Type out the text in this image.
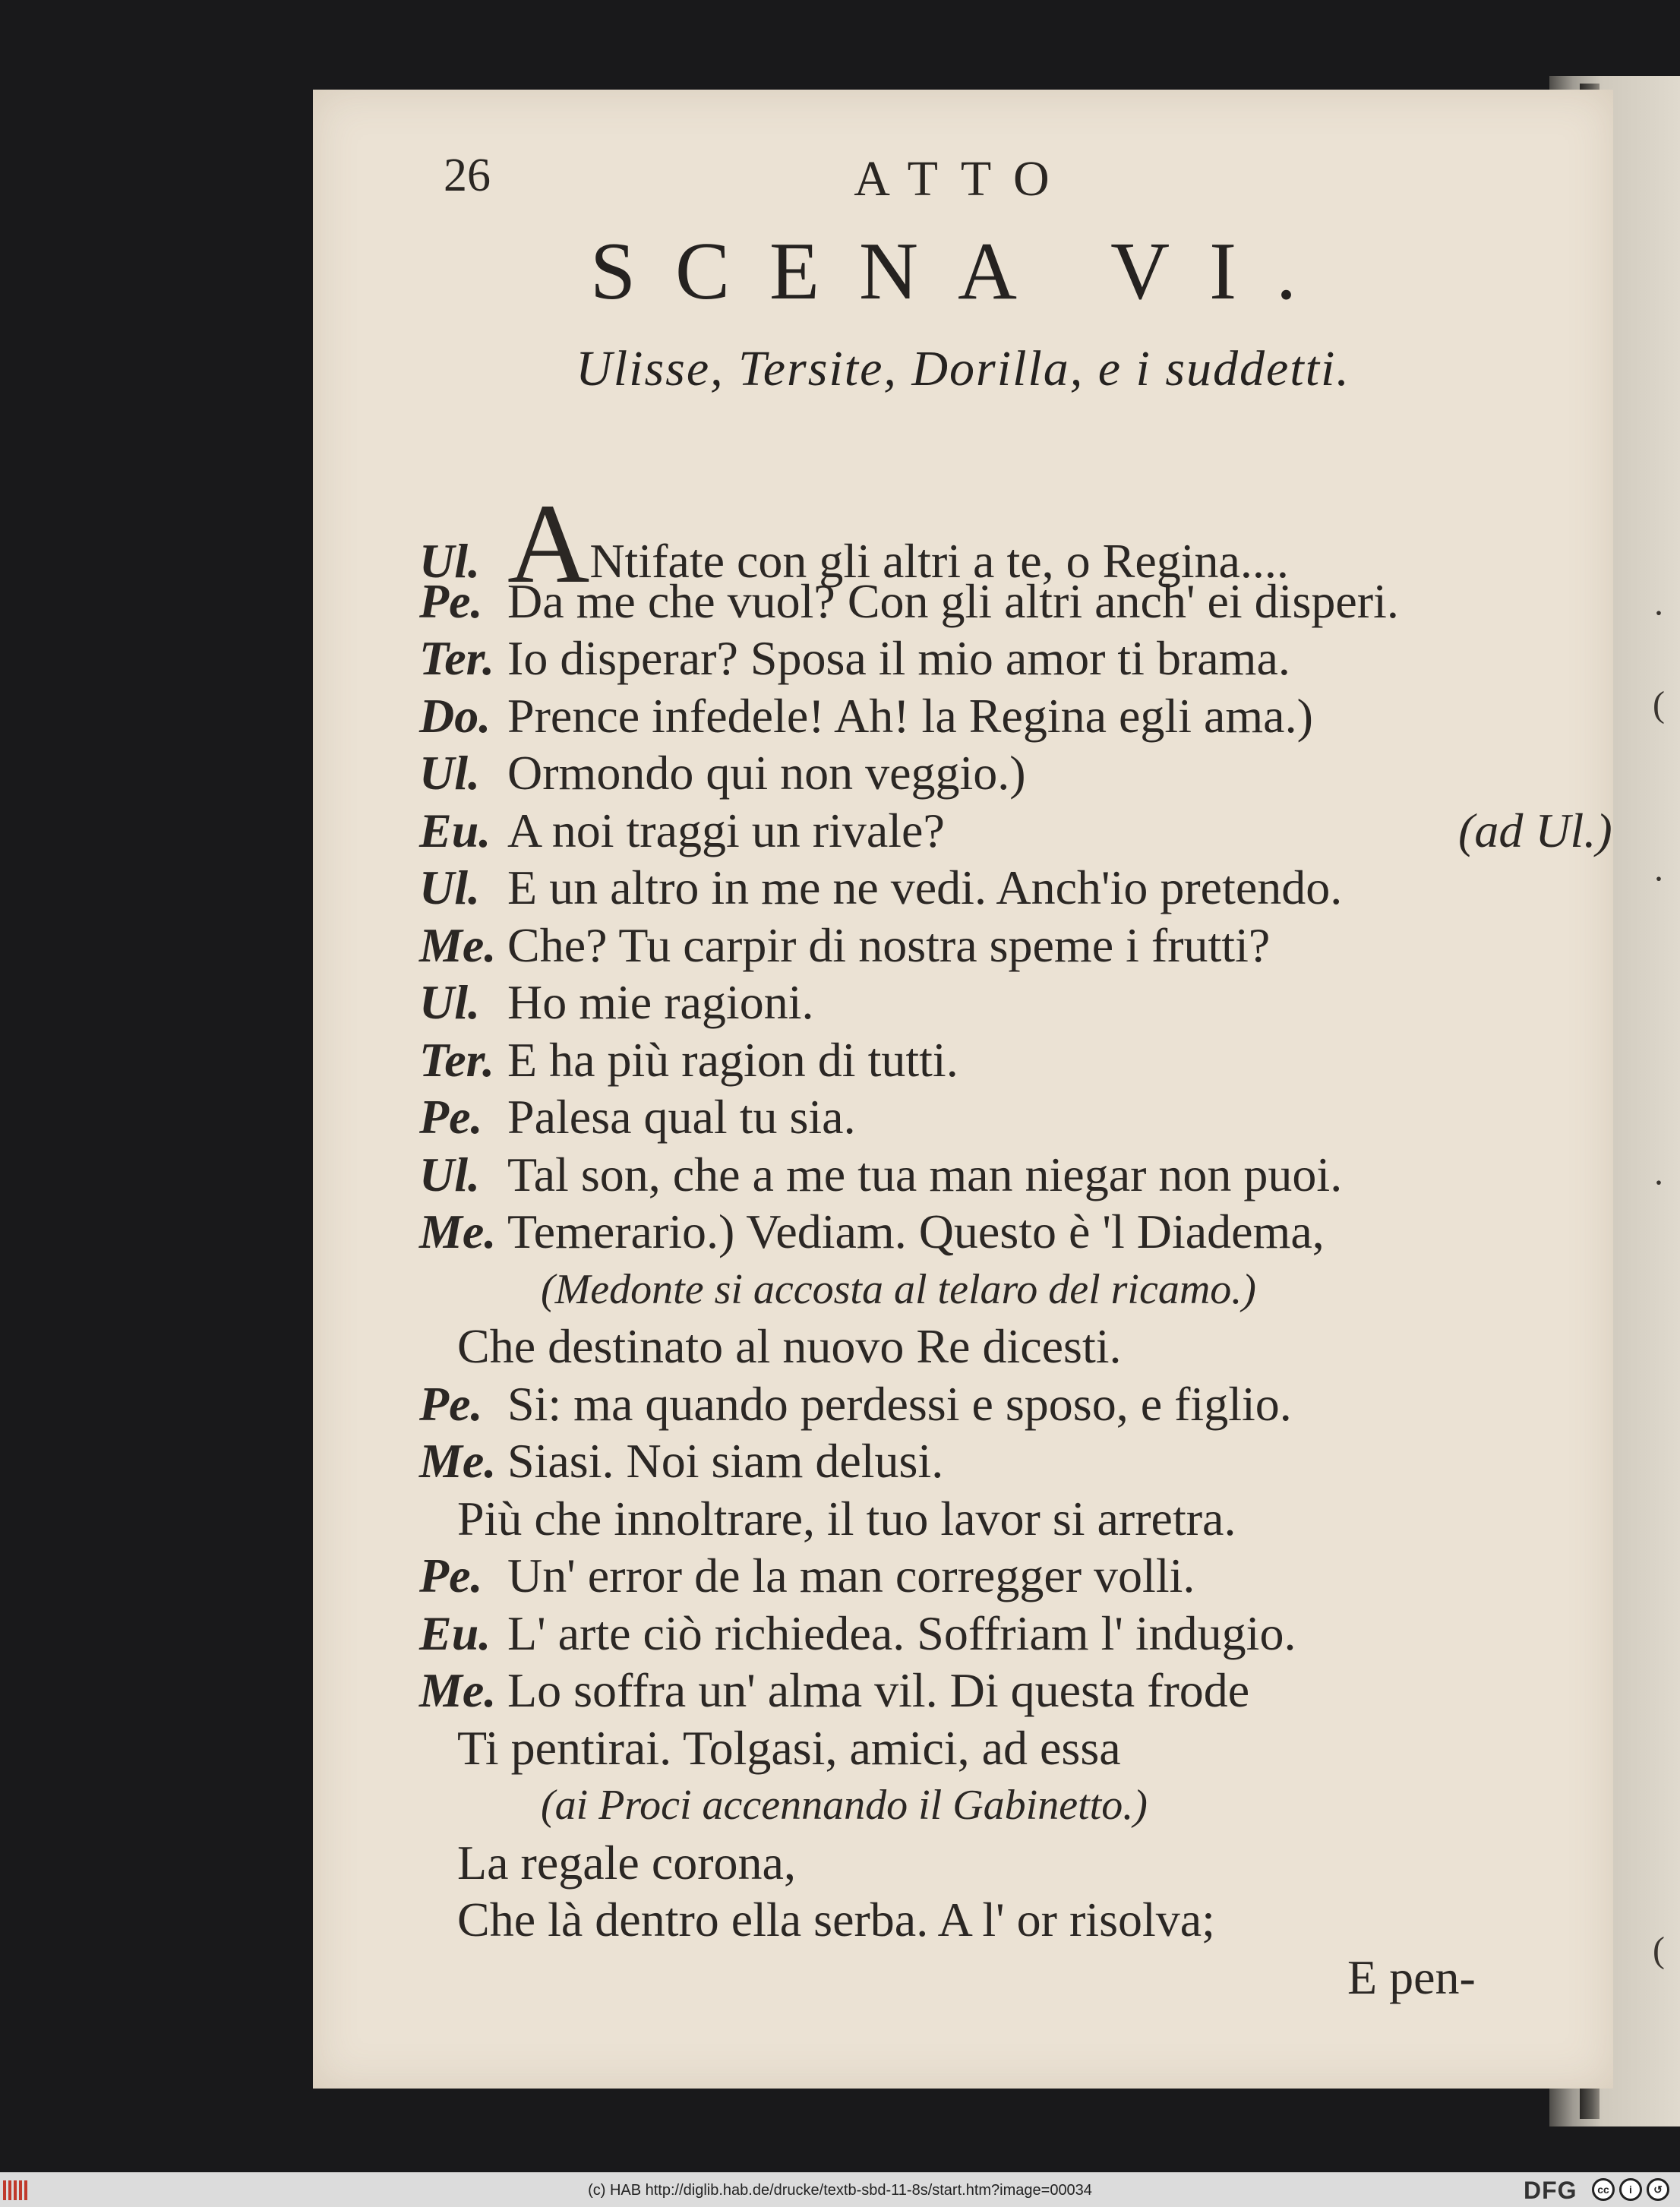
·
(
·
·
(
26	ATTO
SCENA VI.
Ulisse, Tersite, Dorilla, e i suddetti.
Ul. ANtifate con gli altri a te, o Regina....
Pe. Da me che vuol? Con gli altri anch' ei disperi.
Ter. Io disperar? Sposa il mio amor ti brama.
Do. Prence infedele! Ah! la Regina egli ama.)
Ul. Ormondo qui non veggio.)
Eu. A noi traggi un rivale?	(ad Ul.)
Ul. E un altro in me ne vedi. Anch'io pretendo.
Me. Che? Tu carpir di nostra speme i frutti?
Ul. Ho mie ragioni.
Ter. E ha più ragion di tutti.
Pe. Palesa qual tu sia.
Ul. Tal son, che a me tua man niegar non puoi.
Me. Temerario.) Vediam. Questo è 'l Diadema,
(Medonte si accosta al telaro del ricamo.)
Che destinato al nuovo Re dicesti.
Pe. Si: ma quando perdessi e sposo, e figlio.
Me. Siasi. Noi siam delusi.
Più che innoltrare, il tuo lavor si arretra.
Pe. Un' error de la man corregger volli.
Eu. L' arte ciò richiedea. Soffriam l' indugio.
Me. Lo soffra un' alma vil. Di questa frode
Ti pentirai. Tolgasi, amici, ad essa
(ai Proci accennando il Gabinetto.)
La regale corona,
Che là dentro ella serba. A l' or risolva;
E pen-
(c) HAB http://diglib.hab.de/drucke/textb-sbd-11-8s/start.htm?image=00034	DFG	cc	i	↺
